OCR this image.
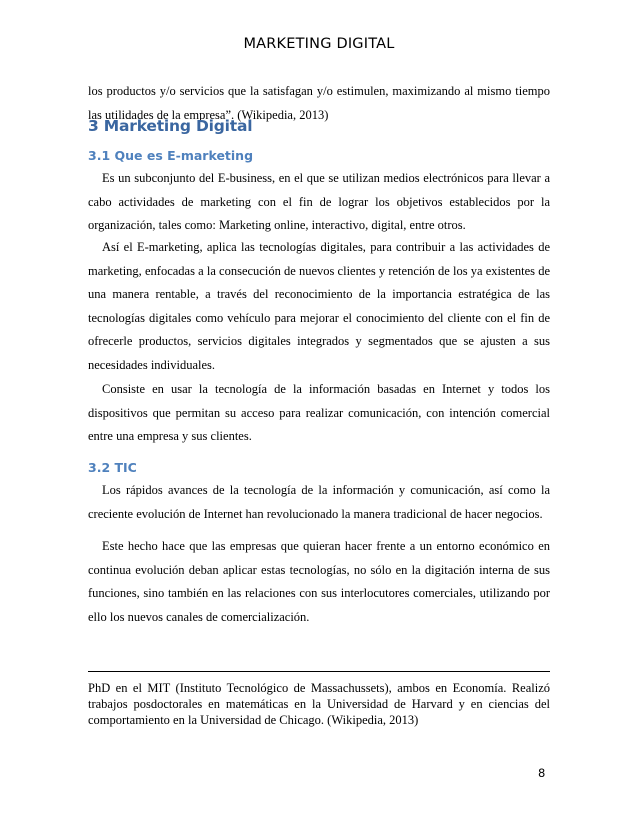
MARKETING DIGITAL

los productos y/o servicios que la satisfagan y/o estimulen, maximizando al mismo tiempo las utilidades de la empresa”. (Wikipedia, 2013)

3 Marketing Digital
3.1 Que es E-marketing

Es un subconjunto del E-business, en el que se utilizan medios electrónicos para llevar a cabo actividades de marketing con el fin de lograr los objetivos establecidos por la organización, tales como: Marketing online, interactivo, digital, entre otros.

Así el E-marketing, aplica las tecnologías digitales, para contribuir a las actividades de marketing, enfocadas a la consecución de nuevos clientes y retención de los ya existentes de una manera rentable, a través del reconocimiento de la importancia estratégica de las tecnologías digitales como vehículo para mejorar el conocimiento del cliente con el fin de ofrecerle productos, servicios digitales integrados y segmentados que se ajusten a sus necesidades individuales.

Consiste en usar la tecnología de la información basadas en Internet y todos los dispositivos que permitan su acceso para realizar comunicación, con intención comercial entre una empresa y sus clientes.

3.2 TIC

Los rápidos avances de la tecnología de la información y comunicación, así como la creciente evolución de Internet han revolucionado la manera tradicional de hacer negocios.

Este hecho hace que las empresas que quieran hacer frente a un entorno económico en continua evolución deban aplicar estas tecnologías, no sólo en la digitación interna de sus funciones, sino también en las relaciones con sus interlocutores comerciales, utilizando por ello los nuevos canales de comercialización.

PhD en el MIT (Instituto Tecnológico de Massachussets), ambos en Economía. Realizó trabajos posdoctorales en matemáticas en la Universidad de Harvard y en ciencias del comportamiento en la Universidad de Chicago. (Wikipedia, 2013)

8
